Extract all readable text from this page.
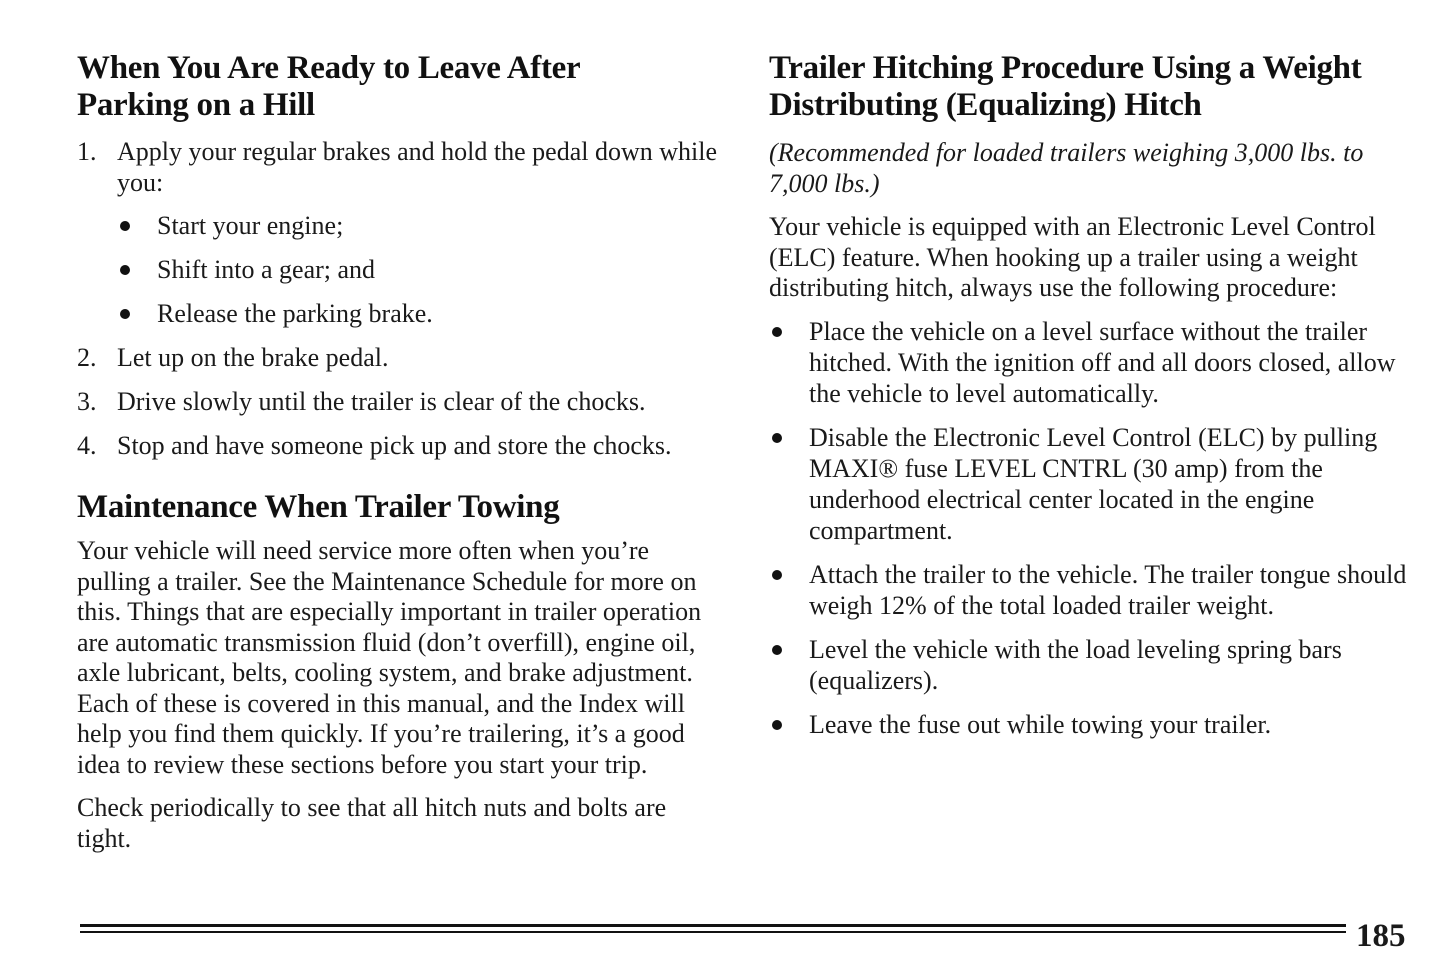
When You Are Ready to Leave After Parking on a Hill
1. Apply your regular brakes and hold the pedal down while you:
Start your engine;
Shift into a gear; and
Release the parking brake.
2. Let up on the brake pedal.
3. Drive slowly until the trailer is clear of the chocks.
4. Stop and have someone pick up and store the chocks.
Maintenance When Trailer Towing

Your vehicle will need service more often when you’re pulling a trailer. See the Maintenance Schedule for more on this. Things that are especially important in trailer operation are automatic transmission fluid (don’t overfill), engine oil, axle lubricant, belts, cooling system, and brake adjustment. Each of these is covered in this manual, and the Index will help you find them quickly. If you’re trailering, it’s a good idea to review these sections before you start your trip.

Check periodically to see that all hitch nuts and bolts are tight.

Trailer Hitching Procedure Using a Weight Distributing (Equalizing) Hitch

(Recommended for loaded trailers weighing 3,000 lbs. to 7,000 lbs.)

Your vehicle is equipped with an Electronic Level Control (ELC) feature. When hooking up a trailer using a weight distributing hitch, always use the following procedure:

Place the vehicle on a level surface without the trailer hitched. With the ignition off and all doors closed, allow the vehicle to level automatically.
Disable the Electronic Level Control (ELC) by pulling MAXI® fuse LEVEL CNTRL (30 amp) from the underhood electrical center located in the engine compartment.
Attach the trailer to the vehicle. The trailer tongue should weigh 12% of the total loaded trailer weight.
Level the vehicle with the load leveling spring bars (equalizers).
Leave the fuse out while towing your trailer.
185
